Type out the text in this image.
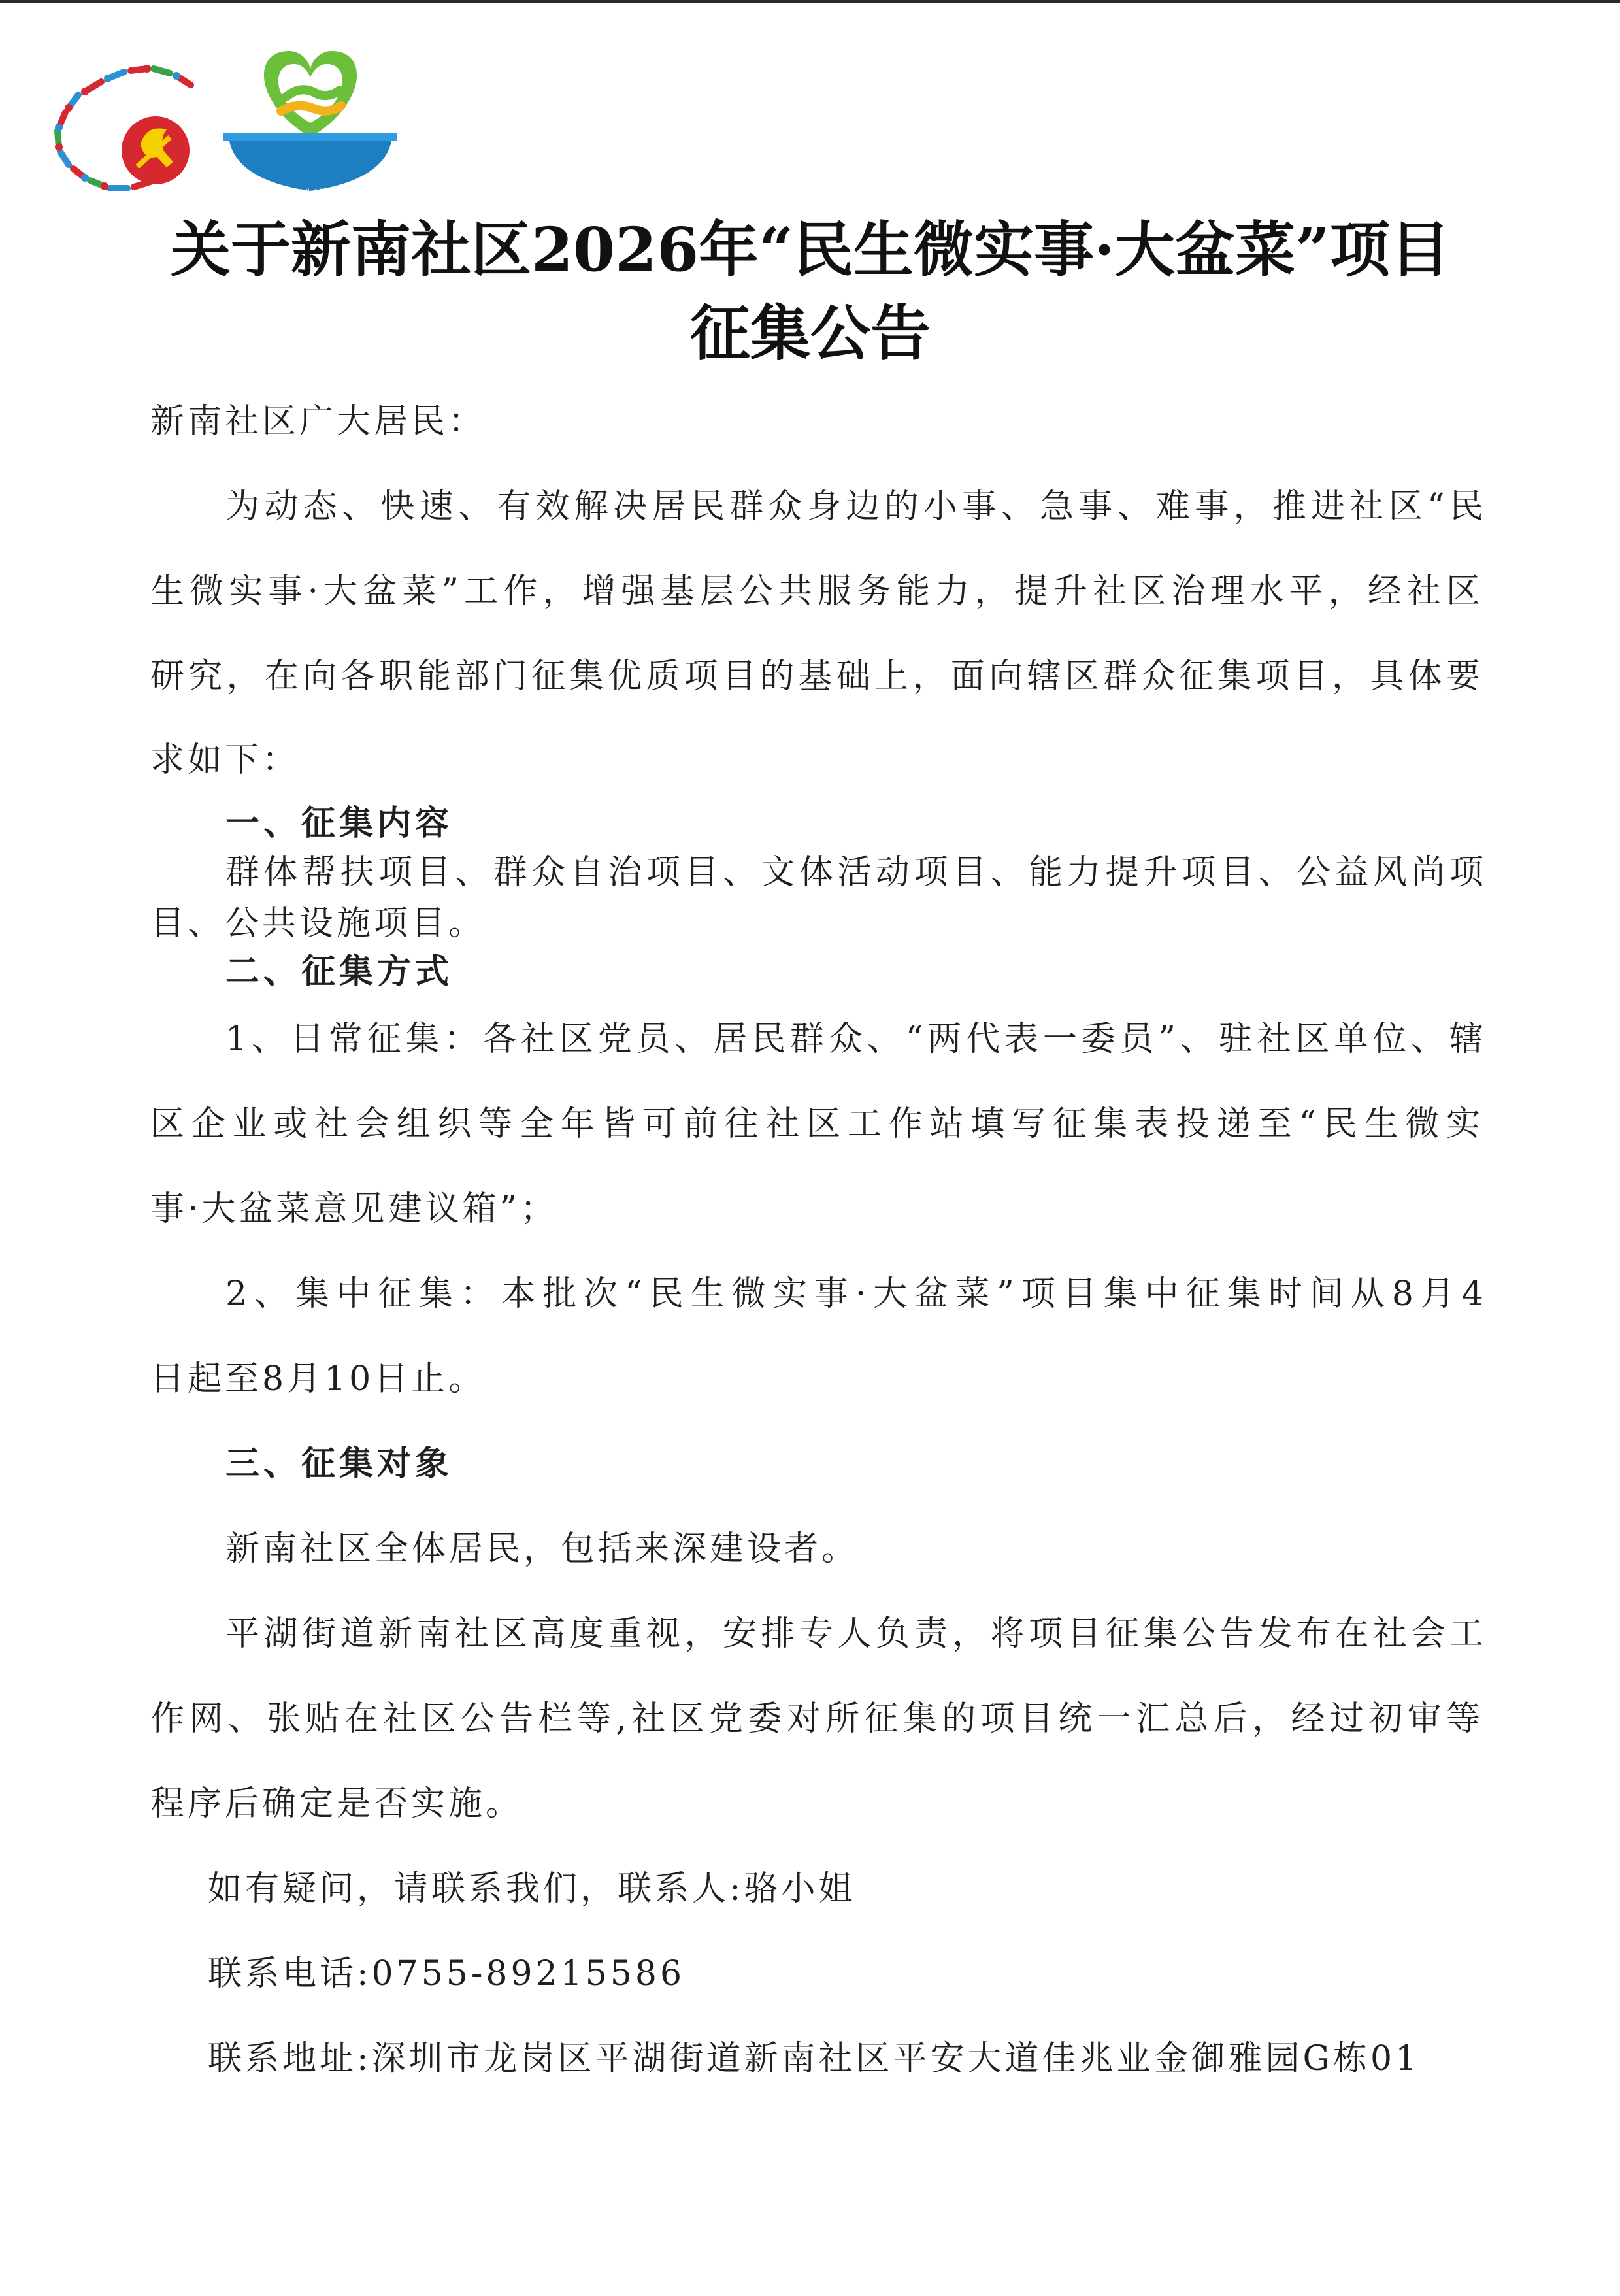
民生微实事·大盆菜
关于新南社区2026年“民生微实事·大盆菜”项目
征集公告
新南社区广大居民：
为动态、快速、有效解决居民群众身边的小事、急事、难事，推进社区“民
生微实事·大盆菜”工作，增强基层公共服务能力，提升社区治理水平，经社区
研究，在向各职能部门征集优质项目的基础上，面向辖区群众征集项目，具体要
求如下：
一、征集内容
群体帮扶项目、群众自治项目、文体活动项目、能力提升项目、公益风尚项
目、公共设施项目。
二、征集方式
1、日常征集：各社区党员、居民群众、“两代表一委员”、驻社区单位、辖
区企业或社会组织等全年皆可前往社区工作站填写征集表投递至“民生微实
事·大盆菜意见建议箱”；
2、集中征集：本批次“民生微实事·大盆菜”项目集中征集时间从8月4
日起至8月10日止。
三、征集对象
新南社区全体居民，包括来深建设者。
平湖街道新南社区高度重视，安排专人负责，将项目征集公告发布在社会工
作网、张贴在社区公告栏等,社区党委对所征集的项目统一汇总后，经过初审等
程序后确定是否实施。
如有疑问，请联系我们，联系人:骆小姐
联系电话:0755-89215586
联系地址:深圳市龙岗区平湖街道新南社区平安大道佳兆业金御雅园G栋01
